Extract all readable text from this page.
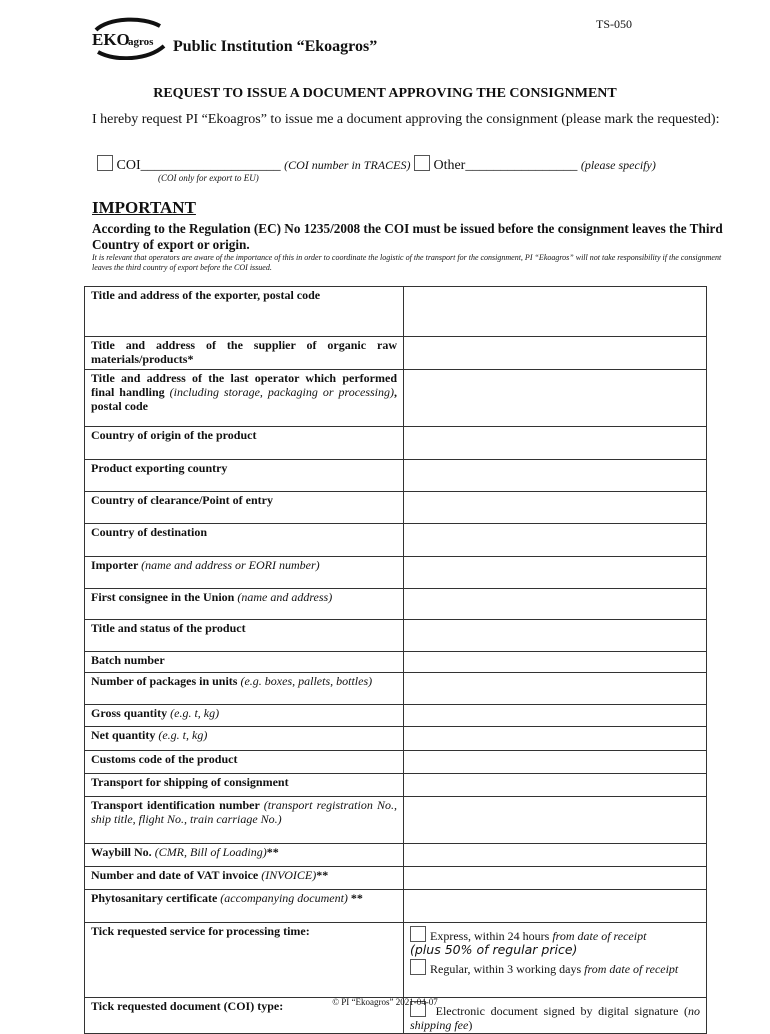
TS-050
EKO
agros Public Institution “Ekoagros”
REQUEST TO ISSUE A DOCUMENT APPROVING THE CONSIGNMENT
I hereby request PI “Ekoagros” to issue me a document approving the consignment (please mark the requested):
COI____________________ (COI number in TRACES) Other________________ (please specify)
(COI only for export to EU)
IMPORTANT
According to the Regulation (EC) No 1235/2008 the COI must be issued before the consignment leaves the Third Country of export or origin.
It is relevant that operators are aware of the importance of this in order to coordinate the logistic of the transport for the consignment, PI “Ekoagros” will not take responsibility if the consignment leaves the third country of export before the COI issued.
Title and address of the exporter, postal code	
Title and address of the supplier of organic raw materials/products*	
Title and address of the last operator which performed final handling (including storage, packaging or processing), postal code	
Country of origin of the product	
Product exporting country	
Country of clearance/Point of entry	
Country of destination	
Importer (name and address or EORI number)	
First consignee in the Union (name and address)	
Title and status of the product	
Batch number	
Number of packages in units (e.g. boxes, pallets, bottles)	
Gross quantity (e.g. t, kg)	
Net quantity (e.g. t, kg)	
Customs code of the product	
Transport for shipping of consignment	
Transport identification number (transport registration No., ship title, flight No., train carriage No.)	
Waybill No. (CMR, Bill of Loading)**	
Number and date of VAT invoice (INVOICE)**	
Phytosanitary certificate (accompanying document) **	
Tick requested service for processing time:	Express, within 24 hours from date of receipt
(plus 50% of regular price)
Regular, within 3 working days from date of receipt

Tick requested document (COI) type:	Electronic document signed by digital signature (no shipping fee)
© PI “Ekoagros” 2021-04-07
